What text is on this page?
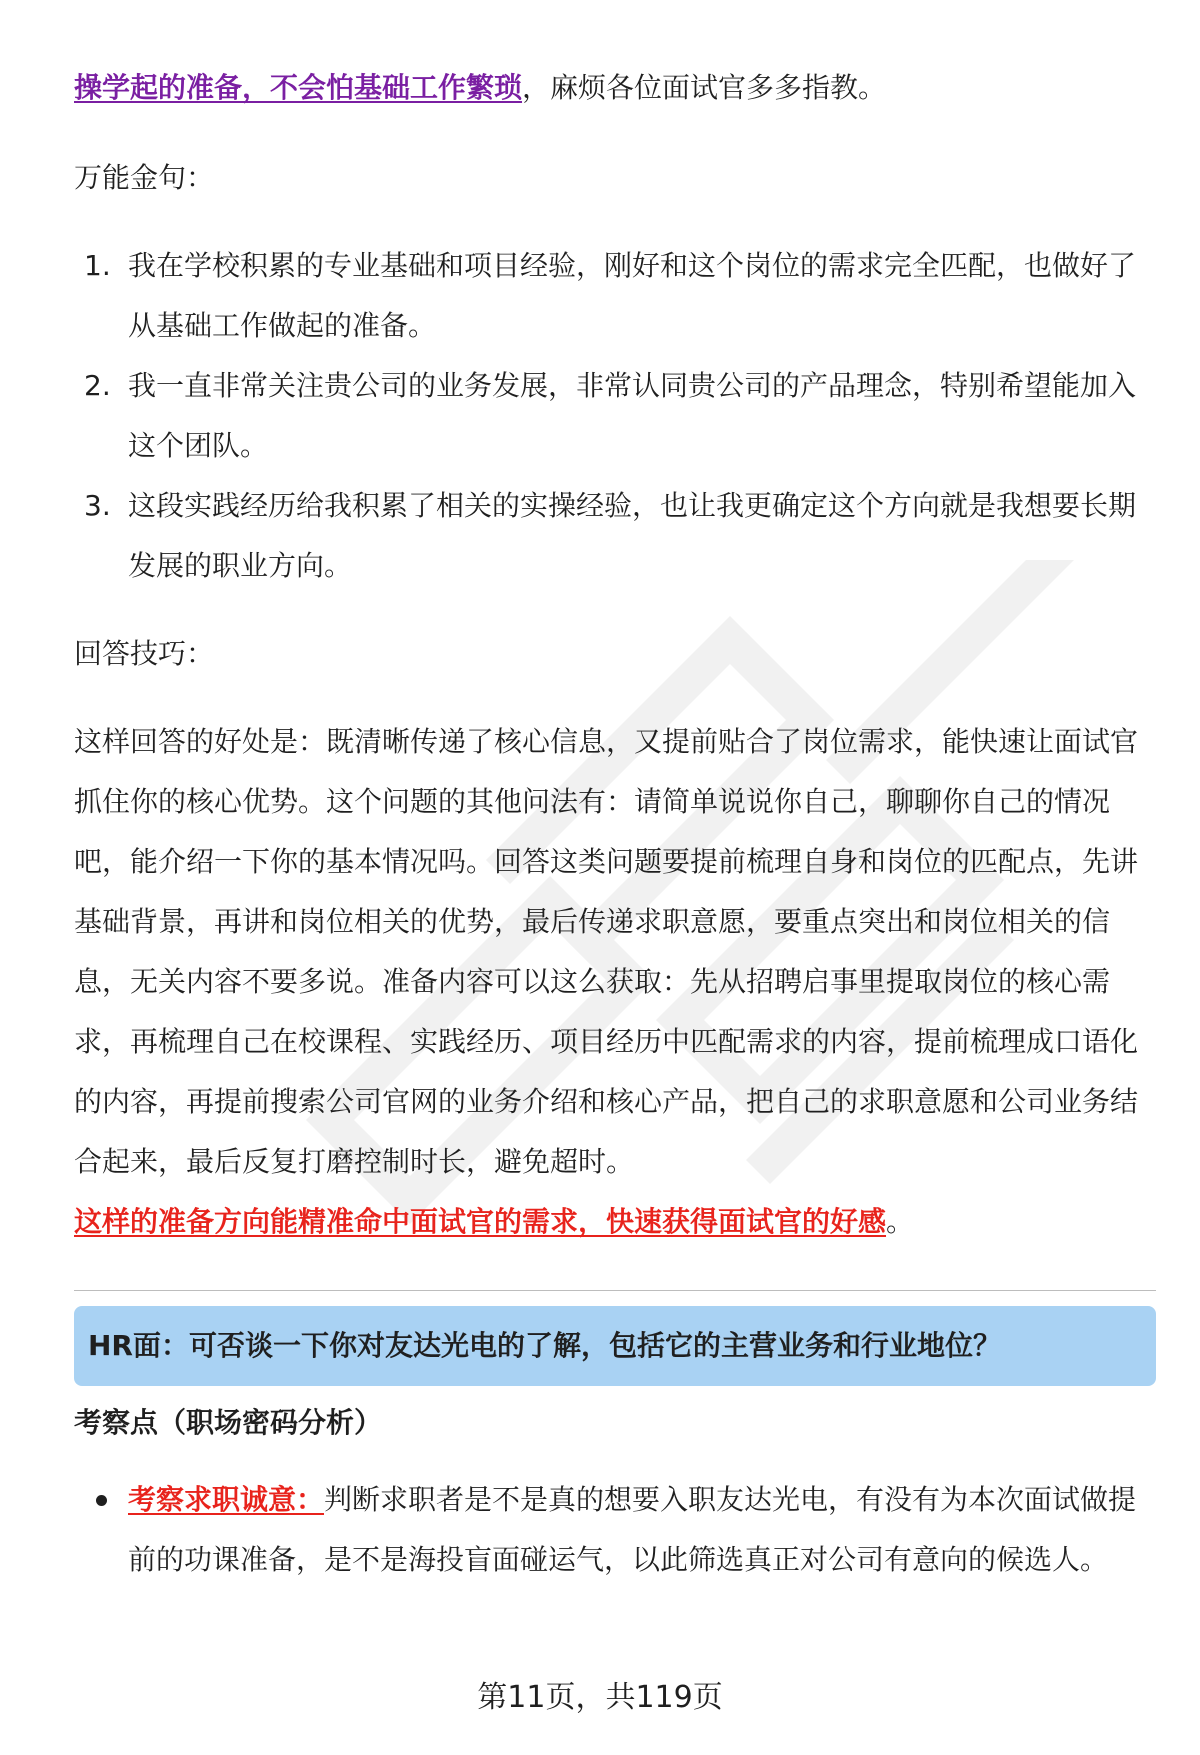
操学起的准备，不会怕基础工作繁琐，麻烦各位面试官多多指教。

万能金句：

1. 我在学校积累的专业基础和项目经验，刚好和这个岗位的需求完全匹配，也做好了从基础工作做起的准备。
2. 我一直非常关注贵公司的业务发展，非常认同贵公司的产品理念，特别希望能加入这个团队。
3. 这段实践经历给我积累了相关的实操经验，也让我更确定这个方向就是我想要长期发展的职业方向。

回答技巧：

这样回答的好处是：既清晰传递了核心信息，又提前贴合了岗位需求，能快速让面试官抓住你的核心优势。这个问题的其他问法有：请简单说说你自己，聊聊你自己的情况吧，能介绍一下你的基本情况吗。回答这类问题要提前梳理自身和岗位的匹配点，先讲基础背景，再讲和岗位相关的优势，最后传递求职意愿，要重点突出和岗位相关的信息，无关内容不要多说。准备内容可以这么获取：先从招聘启事里提取岗位的核心需求，再梳理自己在校课程、实践经历、项目经历中匹配需求的内容，提前梳理成口语化的内容，再提前搜索公司官网的业务介绍和核心产品，把自己的求职意愿和公司业务结合起来，最后反复打磨控制时长，避免超时。
这样的准备方向能精准命中面试官的需求，快速获得面试官的好感。

HR面：可否谈一下你对友达光电的了解，包括它的主营业务和行业地位？
考察点（职场密码分析）
考察求职诚意：判断求职者是不是真的想要入职友达光电，有没有为本次面试做提前的功课准备，是不是海投盲面碰运气，以此筛选真正对公司有意向的候选人。
第11页，共119页
